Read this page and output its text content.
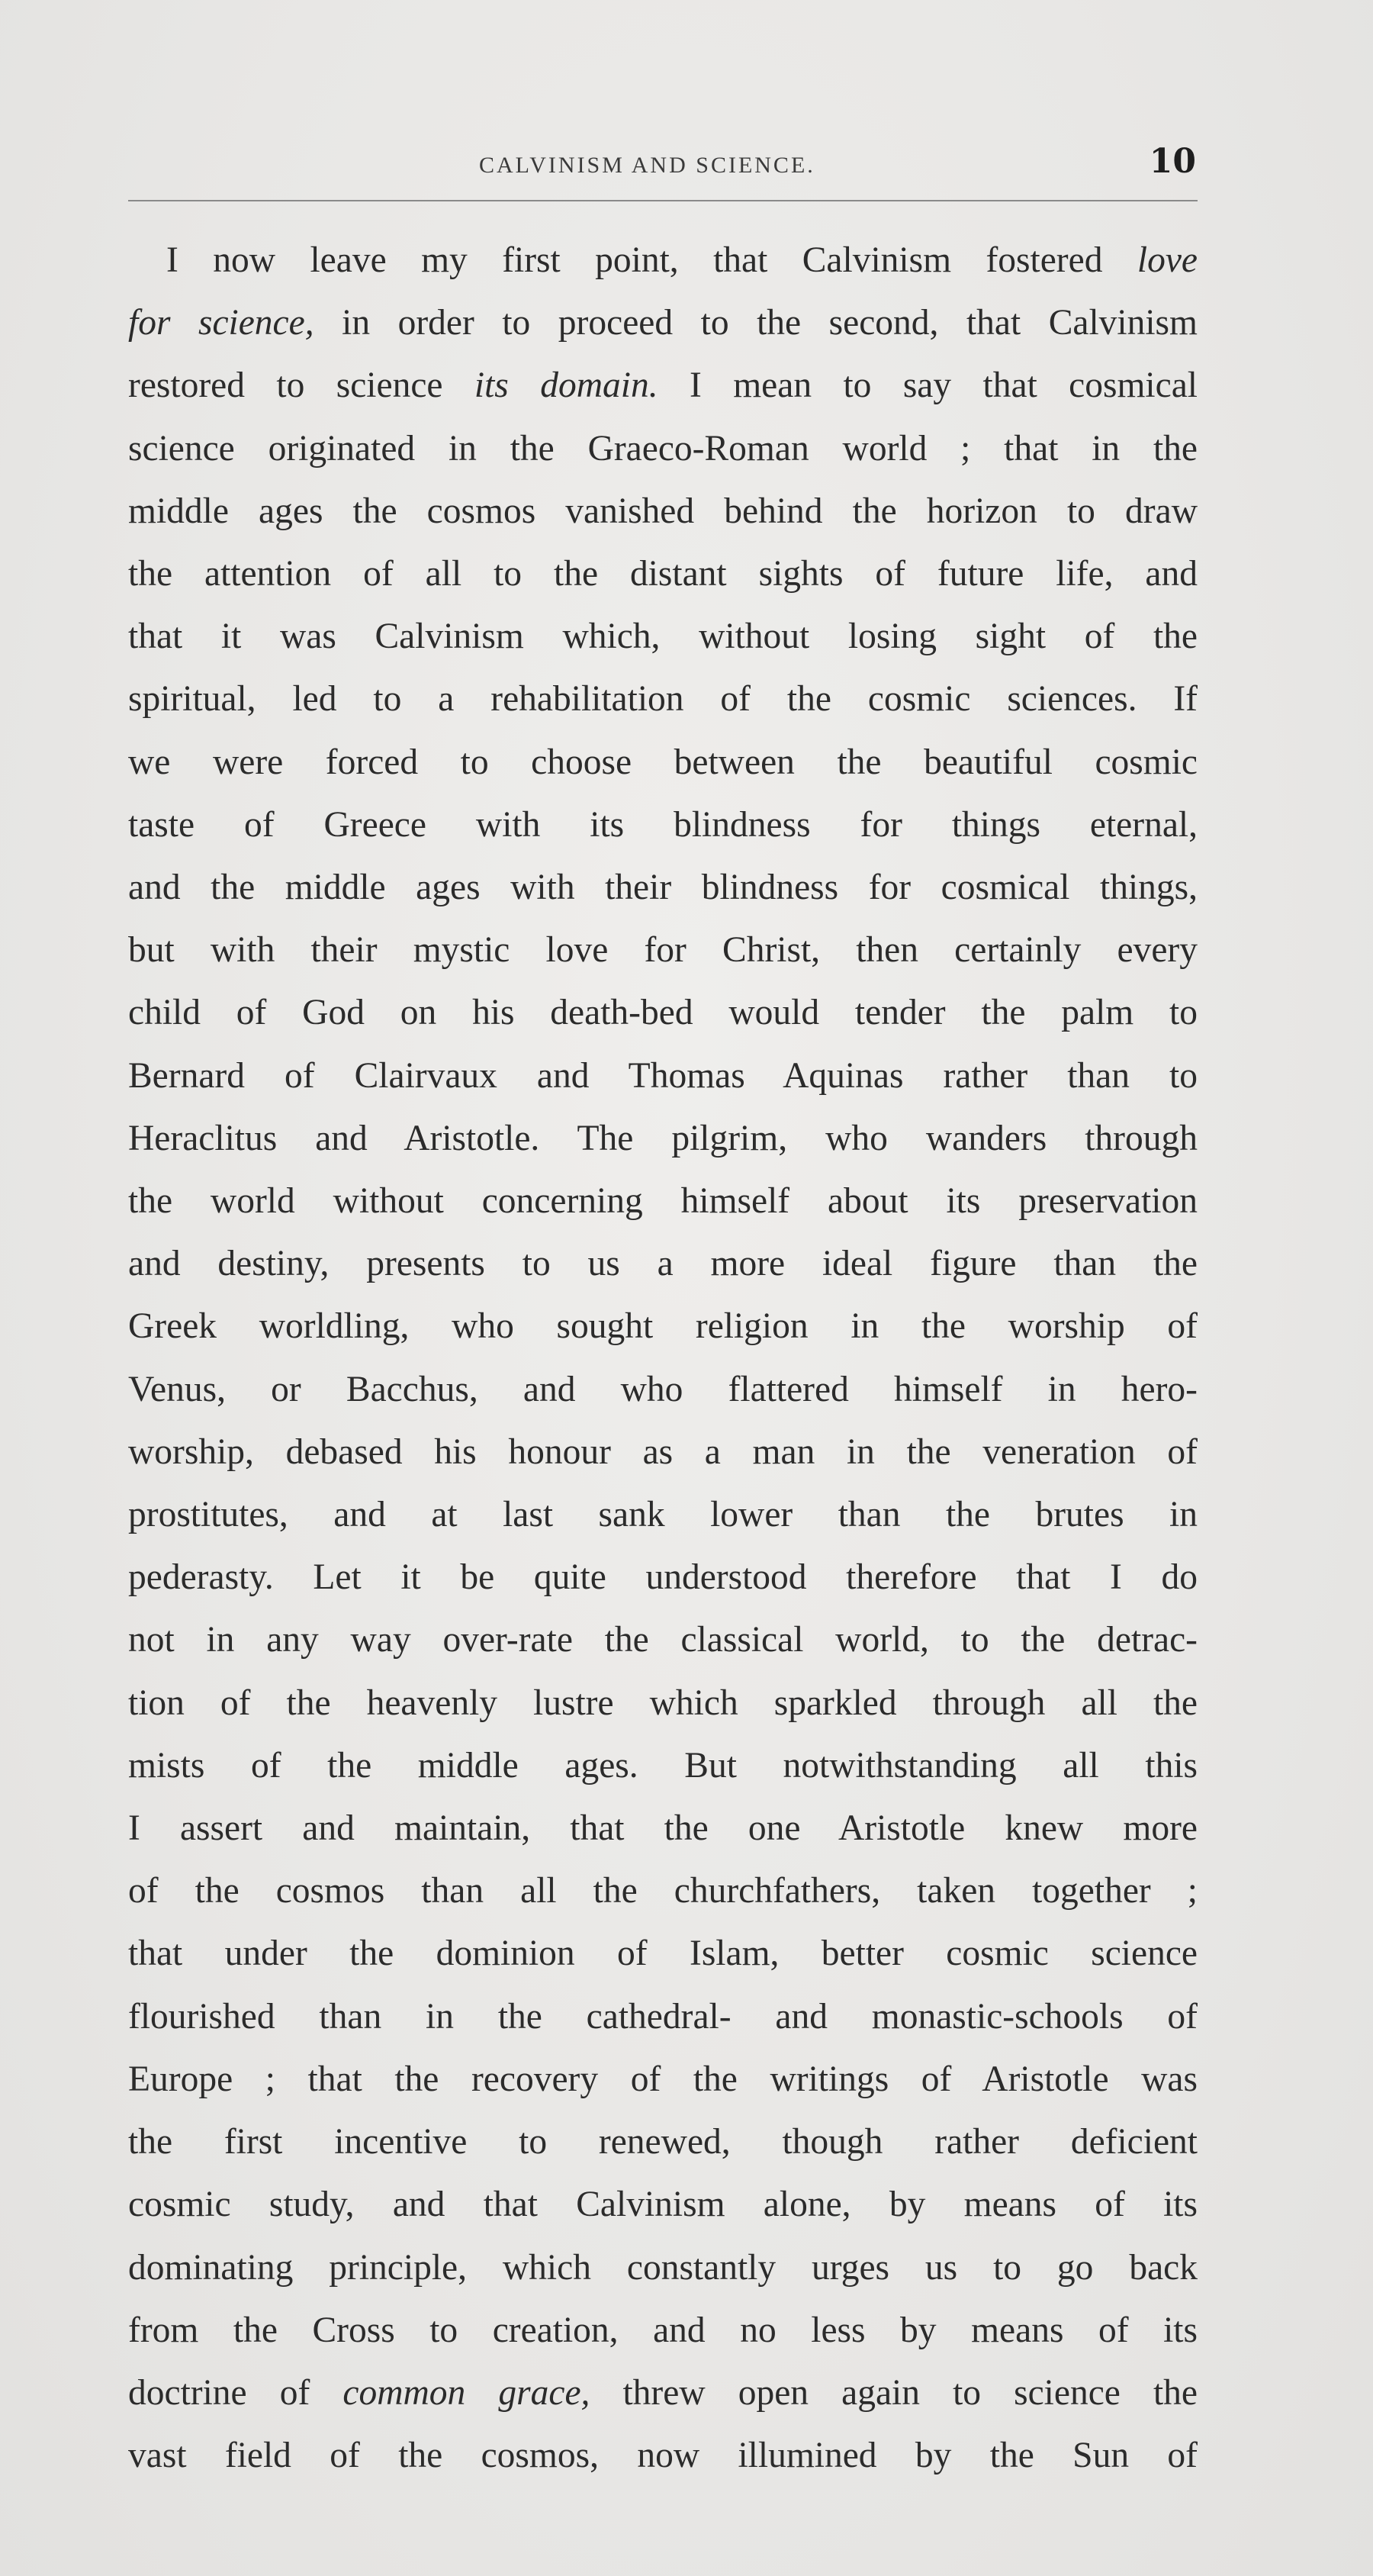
CALVINISM AND SCIENCE.	10
I now leave my first point, that Calvinism fostered love
for science, in order to proceed to the second, that Calvinism
restored to science its domain. I mean to say that cosmical
science originated in the Graeco-Roman world ; that in the
middle ages the cosmos vanished behind the horizon to draw
the attention of all to the distant sights of future life, and
that it was Calvinism which, without losing sight of the
spiritual, led to a rehabilitation of the cosmic sciences. If
we were forced to choose between the beautiful cosmic
taste of Greece with its blindness for things eternal,
and the middle ages with their blindness for cosmical things,
but with their mystic love for Christ, then certainly every
child of God on his death-bed would tender the palm to
Bernard of Clairvaux and Thomas Aquinas rather than to
Heraclitus and Aristotle. The pilgrim, who wanders through
the world without concerning himself about its preservation
and destiny, presents to us a more ideal figure than the
Greek worldling, who sought religion in the worship of
Venus, or Bacchus, and who flattered himself in hero-
worship, debased his honour as a man in the veneration of
prostitutes, and at last sank lower than the brutes in
pederasty. Let it be quite understood therefore that I do
not in any way over-rate the classical world, to the detrac-
tion of the heavenly lustre which sparkled through all the
mists of the middle ages. But notwithstanding all this
I assert and maintain, that the one Aristotle knew more
of the cosmos than all the churchfathers, taken together ;
that under the dominion of Islam, better cosmic science
flourished than in the cathedral- and monastic-schools of
Europe ; that the recovery of the writings of Aristotle was
the first incentive to renewed, though rather deficient
cosmic study, and that Calvinism alone, by means of its
dominating principle, which constantly urges us to go back
from the Cross to creation, and no less by means of its
doctrine of common grace, threw open again to science the
vast field of the cosmos, now illumined by the Sun of
